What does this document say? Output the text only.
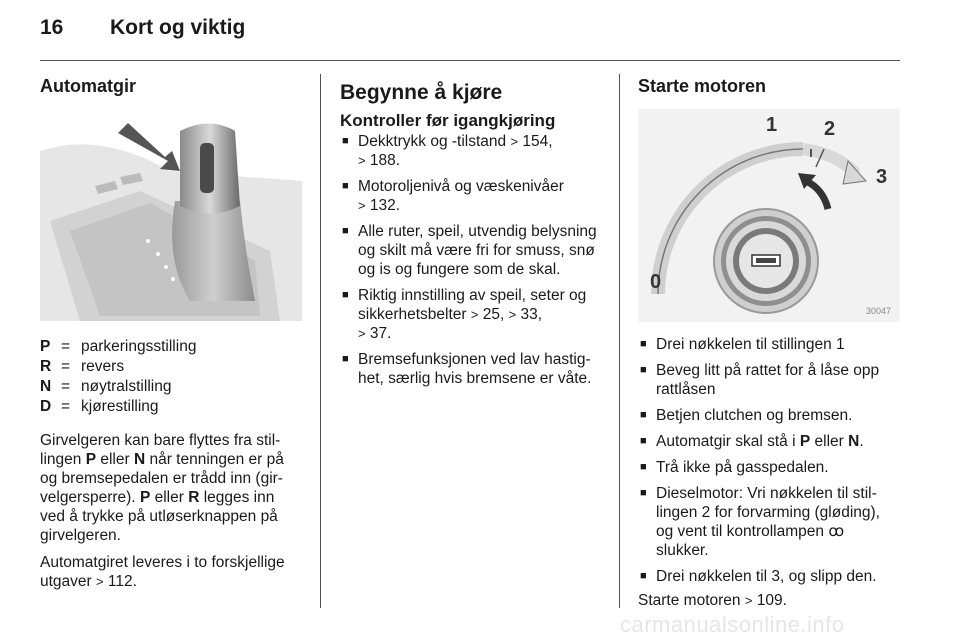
16 Kort og viktig
Automatgir
P = parkeringsstilling
R = revers
N = nøytralstilling
D = kjørestilling

Girvelgeren kan bare flyttes fra stil-lingen P eller N når tenningen er på og bremsepedalen er trådd inn (gir-velgersperre). P eller R legges inn ved å trykke på utløserknappen på girvelgeren.

Automatgiret leveres i to forskjellige utgaver > 112.

Begynne å kjøre
Kontroller før igangkjøring
■ Dekktrykk og -tilstand > 154,
> 188.
■ Motoroljenivå og væskenivåer
> 132.
■ Alle ruter, speil, utvendig belysning og skilt må være fri for smuss, snø og is og fungere som de skal.
■ Riktig innstilling av speil, seter og sikkerhetsbelter > 25, > 33,
> 37.
■ Bremsefunksjonen ved lav hastig-het, særlig hvis bremsene er våte.
Starte motoren
0
1 2
3
30047
■ Drei nøkkelen til stillingen 1
■ Beveg litt på rattet for å låse opp rattlåsen
■ Betjen clutchen og bremsen.
■ Automatgir skal stå i P eller N.
■ Trå ikke på gasspedalen.
■ Dieselmotor: Vri nøkkelen til stil-lingen 2 for forvarming (gløding), og vent til kontrollampen ꝏ slukker.
■ Drei nøkkelen til 3, og slipp den.

Starte motoren > 109.

carmanualsonline.info
